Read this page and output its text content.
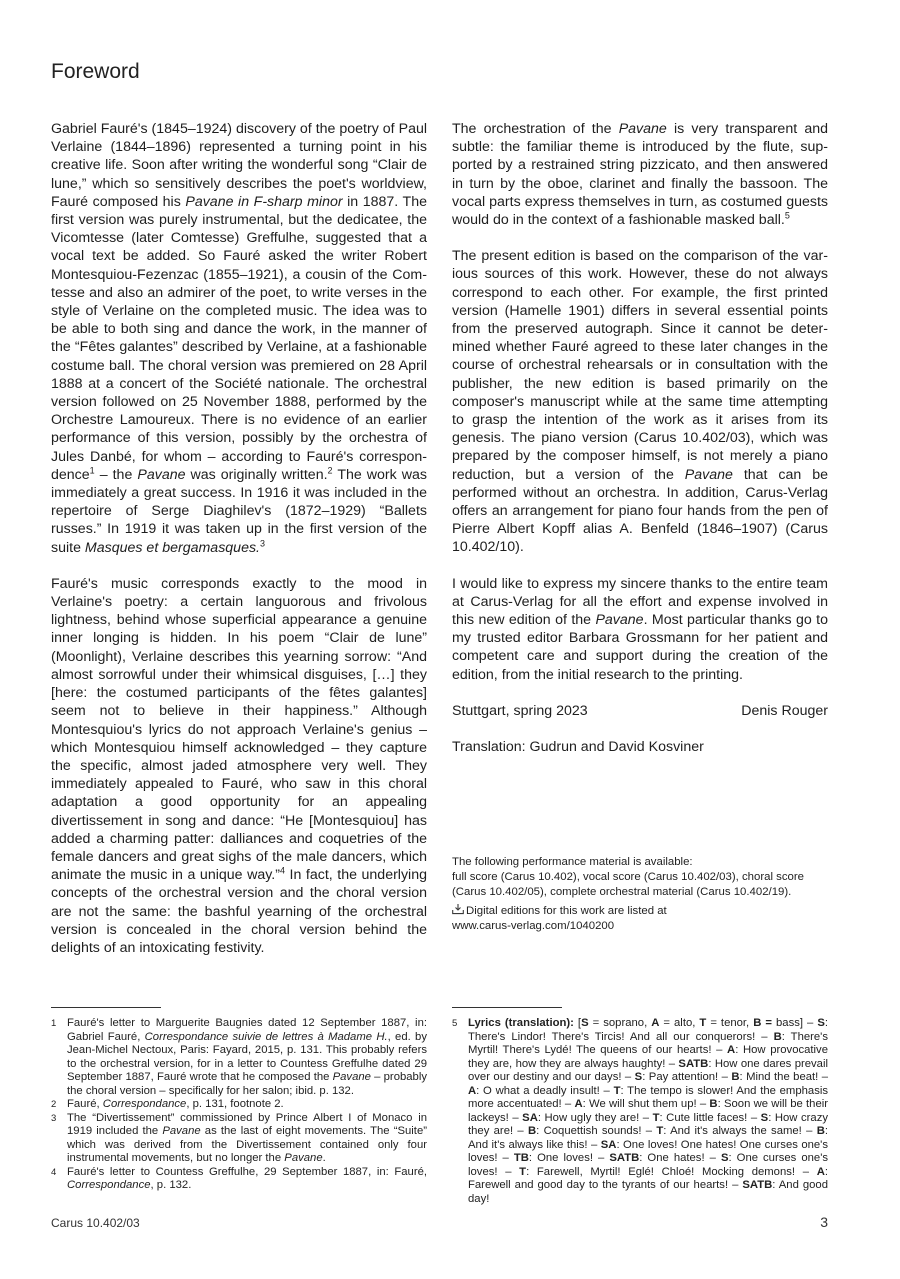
Foreword

Gabriel Fauré's (1845–1924) discovery of the poetry of Paul Verlaine (1844–1896) represented a turning point in his creative life. Soon after writing the wonderful song “Clair de lune,” which so sensitively describes the poet's worldview, Fauré composed his Pavane in F-sharp minor in 1887. The first version was purely instrumental, but the dedicatee, the Vicomtesse (later Comtesse) Greffulhe, suggested that a vocal text be added. So Fauré asked the writer Robert Montesquiou-Fezenzac (1855–1921), a cousin of the Comtesse and also an admirer of the poet, to write verses in the style of Verlaine on the completed music. The idea was to be able to both sing and dance the work, in the manner of the “Fêtes galantes” described by Verlaine, at a fashionable costume ball. The choral version was premiered on 28 April 1888 at a concert of the Société nationale. The orchestral version followed on 25 November 1888, performed by the Orchestre Lamoureux. There is no evidence of an earlier performance of this version, possibly by the orchestra of Jules Danbé, for whom – according to Fauré's correspondence$^1$ – the Pavane was originally written.$^2$ The work was immediately a great success. In 1916 it was included in the repertoire of Serge Diaghilev's (1872–1929) “Ballets russes.” In 1919 it was taken up in the first version of the suite Masques et bergamasques.$^3$

Fauré's music corresponds exactly to the mood in Verlaine's poetry: a certain languorous and frivolous lightness, behind whose superficial appearance a genuine inner longing is hidden. In his poem “Clair de lune” (Moonlight), Verlaine describes this yearning sorrow: “And almost sorrowful under their whimsical disguises, […] they [here: the costumed participants of the fêtes galantes] seem not to believe in their happiness.” Although Montesquiou's lyrics do not approach Verlaine's genius – which Montesquiou himself acknowledged – they capture the specific, almost jaded atmosphere very well. They immediately appealed to Fauré, who saw in this choral adaptation a good opportunity for an appealing divertissement in song and dance: “He [Montesquiou] has added a charming patter: dalliances and coquetries of the female dancers and great sighs of the male dancers, which animate the music in a unique way.”$^4$ In fact, the underlying concepts of the orchestral version and the choral version are not the same: the bashful yearning of the orchestral version is concealed in the choral version behind the delights of an intoxicating festivity.

The orchestration of the Pavane is very transparent and subtle: the familiar theme is introduced by the flute, supported by a restrained string pizzicato, and then answered in turn by the oboe, clarinet and finally the bassoon. The vocal parts express themselves in turn, as costumed guests would do in the context of a fashionable masked ball.$^5$

The present edition is based on the comparison of the various sources of this work. However, these do not always correspond to each other. For example, the first printed version (Hamelle 1901) differs in several essential points from the preserved autograph. Since it cannot be determined whether Fauré agreed to these later changes in the course of orchestral rehearsals or in consultation with the publisher, the new edition is based primarily on the composer's manuscript while at the same time attempting to grasp the intention of the work as it arises from its genesis. The piano version (Carus 10.402/03), which was prepared by the composer himself, is not merely a piano reduction, but a version of the Pavane that can be performed without an orchestra. In addition, Carus-Verlag offers an arrangement for piano four hands from the pen of Pierre Albert Kopff alias A. Benfeld (1846–1907) (Carus 10.402/10).

I would like to express my sincere thanks to the entire team at Carus-Verlag for all the effort and expense involved in this new edition of the Pavane. Most particular thanks go to my trusted editor Barbara Grossmann for her patient and competent care and support during the creation of the edition, from the initial research to the printing.

Stuttgart, spring 2023	Denis Rouger

Translation: Gudrun and David Kosviner

The following performance material is available:
full score (Carus 10.402), vocal score (Carus 10.402/03), choral score (Carus 10.402/05), complete orchestral material (Carus 10.402/19).

Digital editions for this work are listed at
www.carus-verlag.com/1040200

1 Fauré's letter to Marguerite Baugnies dated 12 September 1887, in: Gabriel Fauré, Correspondance suivie de lettres à Madame H., ed. by Jean-Michel Nectoux, Paris: Fayard, 2015, p. 131. This probably refers to the orchestral version, for in a letter to Countess Greffulhe dated 29 September 1887, Fauré wrote that he composed the Pavane – probably the choral version – specifically for her salon; ibid. p. 132.
2 Fauré, Correspondance, p. 131, footnote 2.
3 The “Divertissement” commissioned by Prince Albert I of Monaco in 1919 included the Pavane as the last of eight movements. The “Suite” which was derived from the Divertissement contained only four instrumental movements, but no longer the Pavane.
4 Fauré's letter to Countess Greffulhe, 29 September 1887, in: Fauré, Correspondance, p. 132.
5 Lyrics (translation): [S = soprano, A = alto, T = tenor, B = bass] – S: There's Lindor! There's Tircis! And all our conquerors! – B: There's Myrtil! There's Lydé! The queens of our hearts! – A: How provocative they are, how they are always haughty! – SATB: How one dares prevail over our destiny and our days! – S: Pay attention! – B: Mind the beat! – A: O what a deadly insult! – T: The tempo is slower! And the emphasis more accentuated! – A: We will shut them up! – B: Soon we will be their lackeys! – SA: How ugly they are! – T: Cute little faces! – S: How crazy they are! – B: Coquettish sounds! – T: And it's always the same! – B: And it's always like this! – SA: One loves! One hates! One curses one's loves! – TB: One loves! – SATB: One hates! – S: One curses one's loves! – T: Farewell, Myrtil! Eglé! Chloé! Mocking demons! – A: Farewell and good day to the tyrants of our hearts! – SATB: And good day!
Carus 10.402/03	3
